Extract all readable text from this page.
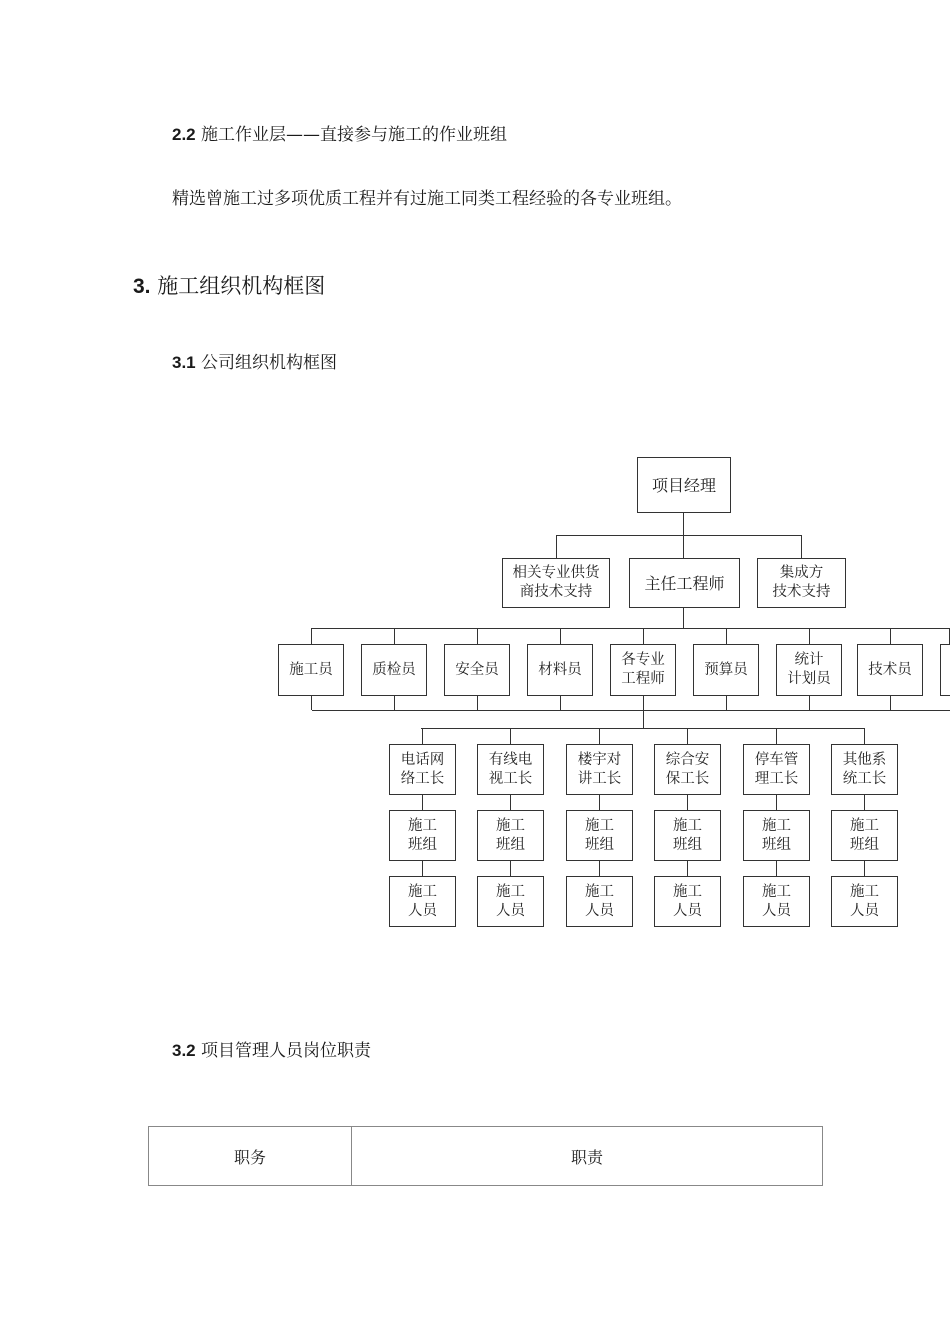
2.2 施工作业层——直接参与施工的作业班组
精选曾施工过多项优质工程并有过施工同类工程经验的各专业班组。
3. 施工组织机构框图
3.1 公司组织机构框图
项目经理
相关专业供货
商技术支持	主任工程师
集成方
技术支持
施工员	质检员	安全员	材料员
各专业
工程师
预算员
统计
计划员
技术员
电话网
络工长
施工
班组
施工
人员
有线电
视工长
施工
班组
施工
人员
楼宇对
讲工长
施工
班组
施工
人员
综合安
保工长
施工
班组
施工
人员
停车管
理工长
施工
班组
施工
人员
其他系
统工长
施工
班组
施工
人员
3.2 项目管理人员岗位职责
职务	职责
